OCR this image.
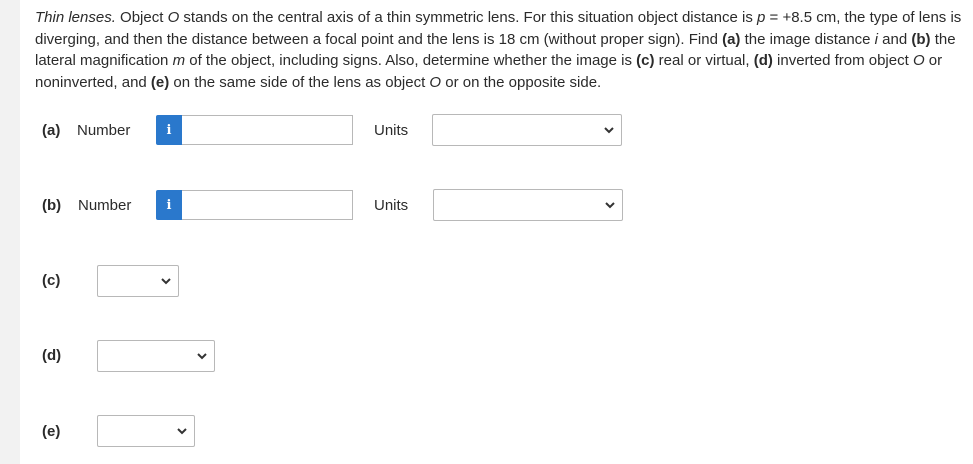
Thin lenses. Object O stands on the central axis of a thin symmetric lens. For this situation object distance is p = +8.5 cm, the type of lens is diverging, and then the distance between a focal point and the lens is 18 cm (without proper sign). Find (a) the image distance i and (b) the lateral magnification m of the object, including signs. Also, determine whether the image is (c) real or virtual, (d) inverted from object O or noninverted, and (e) on the same side of the lens as object O or on the opposite side.
(a) Number	i	Units
(b) Number	i	Units
(c)
(d)
(e)
